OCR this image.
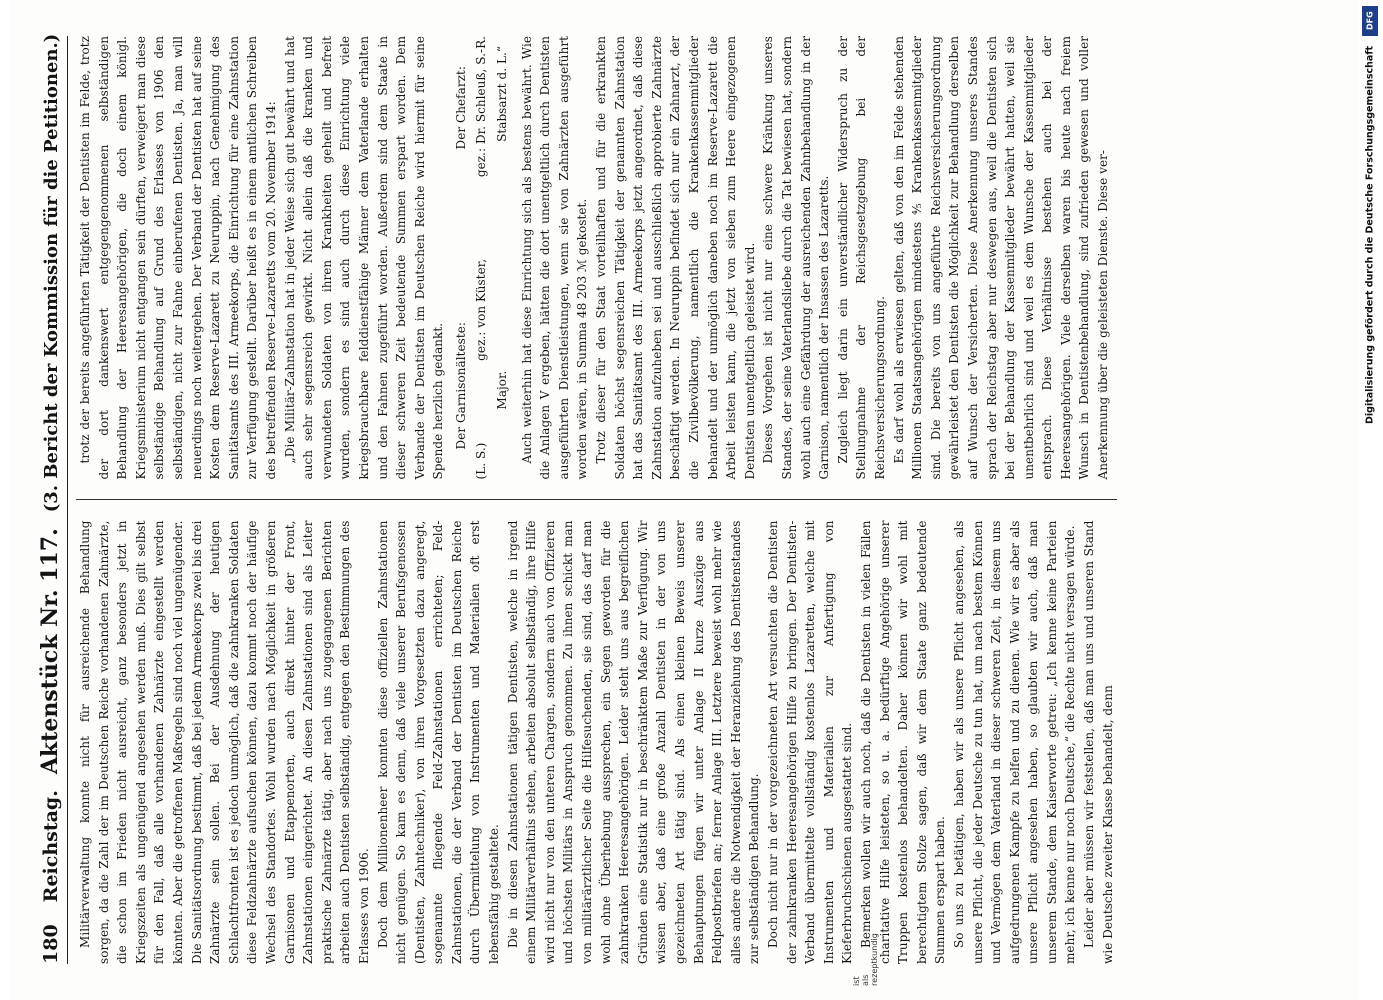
180
Reichstag.
Aktenstück Nr. 117.
(3. Bericht der Kommission für die Petitionen.)
ist als rezeptkundig

Militärverwaltung konnte nicht für ausreichende Behandlung sorgen, da die Zahl der im Deutschen Reiche vorhandenen Zahnärzte, die schon im Frieden nicht ausreicht, ganz besonders jetzt in Kriegszeiten als ungenügend angesehen werden muß. Dies gilt selbst für den Fall, daß alle vorhandenen Zahnärzte eingestellt werden könnten. Aber die getroffenen Maßregeln sind noch viel ungenügender. Die Sanitätsordnung bestimmt, daß bei jedem Armeekorps zwei bis drei Zahnärzte sein sollen. Bei der Ausdehnung der heutigen Schlachtfronten ist es jedoch unmöglich, daß die zahnkranken Soldaten diese Feldzahnärzte aufsuchen können, dazu kommt noch der häufige Wechsel des Standortes. Wohl wurden nach Möglichkeit in größeren Garnisonen und Etappenorten, auch direkt hinter der Front, Zahnstationen eingerichtet. An diesen Zahnstationen sind als Leiter praktische Zahnärzte tätig, aber nach uns zugegangenen Berichten arbeiten auch Dentisten selbständig, entgegen den Bestimmungen des Erlasses von 1906. Doch dem Millionenheer konnten diese offiziellen Zahnstationen nicht genügen. So kam es denn, daß viele unserer Berufsgenossen (Dentisten, Zahntechniker), von ihren Vorgesetzten dazu angeregt, sogenannte fliegende Feld-Zahnstationen errichteten; Feld-Zahnstationen, die der Verband der Dentisten im Deutschen Reiche durch Übermittelung von Instrumenten und Materialien oft erst lebensfähig gestaltete. Die in diesen Zahnstationen tätigen Dentisten, welche in irgend einem Militärverhältnis stehen, arbeiten absolut selbständig, ihre Hilfe wird nicht nur von den unteren Chargen, sondern auch von Offizieren und höchsten Militärs in Anspruch genommen. Zu ihnen schickt man von militärärztlicher Seite die Hilfesuchenden, sie sind, das darf man wohl ohne Überhebung aussprechen, ein Segen geworden für die zahnkranken Heeresangehörigen. Leider steht uns aus begreiflichen Gründen eine Statistik nur in beschränktem Maße zur Verfügung. Wir wissen aber, daß eine große Anzahl Dentisten in der von uns gezeichneten Art tätig sind. Als einen kleinen Beweis unserer Behauptungen fügen wir unter Anlage II kurze Auszüge aus Feldpostbriefen an; ferner Anlage III. Letztere beweist wohl mehr wie alles andere die Notwendigkeit der Heranziehung des Dentistenstandes zur selbständigen Behandlung. Doch nicht nur in der vorgezeichneten Art versuchten die Dentisten der zahnkranken Heeresangehörigen Hilfe zu bringen. Der Dentisten-Verband übermittelte vollständig kostenlos Lazaretten, welche mit Instrumenten und Materialien zur Anfertigung von Kieferbruchschienen ausgestattet sind. Bemerken wollen wir auch noch, daß die Dentisten in vielen Fällen charitative Hilfe leisteten, so u. a. bedürftige Angehörige unserer Truppen kostenlos behandelten. Daher können wir wohl mit berechtigtem Stolze sagen, daß wir dem Staate ganz bedeutende Summen erspart haben. So uns zu betätigen, haben wir als unsere Pflicht angesehen, als unsere Pflicht, die jeder Deutsche zu tun hat, um nach bestem Können und Vermögen dem Vaterland in dieser schweren Zeit, in diesem uns aufgedrungenen Kampfe zu helfen und zu dienen. Wie wir es aber als unsere Pflicht angesehen haben, so glaubten wir auch, daß man unserem Stande, dem Kaiserworte getreu: „Ich kenne keine Parteien mehr, ich kenne nur noch Deutsche,“ die Rechte nicht versagen würde. Leider aber müssen wir feststellen, daß man uns und unseren Stand wie Deutsche zweiter Klasse behandelt, denn

trotz der bereits angeführten Tätigkeit der Dentisten im Felde, trotz der dort dankenswert entgegengenommenen selbständigen Behandlung der Heeresangehörigen, die doch einem königl. Kriegsministerium nicht entgangen sein dürften, verweigert man diese selbständige Behandlung auf Grund des Erlasses von 1906 den selbständigen, nicht zur Fahne einberufenen Dentisten. Ja, man will neuerdings noch weitergehen. Der Verband der Dentisten hat auf seine Kosten dem Reserve-Lazarett zu Neuruppin, nach Genehmigung des Sanitätsamts des III. Armeekorps, die Einrichtung für eine Zahnstation zur Verfügung gestellt. Darüber heißt es in einem amtlichen Schreiben des betreffenden Reserve-Lazaretts vom 20. November 1914: „Die Militär-Zahnstation hat in jeder Weise sich gut bewährt und hat auch sehr segensreich gewirkt. Nicht allein daß die kranken und verwundeten Soldaten von ihren Krankheiten geheilt und befreit wurden, sondern es sind auch durch diese Einrichtung viele kriegsbrauchbare felddienstfähige Männer dem Vaterlande erhalten und den Fahnen zugeführt worden. Außerdem sind dem Staate in dieser schweren Zeit bedeutende Summen erspart worden. Dem Verbande der Dentisten im Deutschen Reiche wird hiermit für seine Spende herzlich gedankt. Der Garnisonälteste:
Der Chefarzt:
(L. S.)
gez.: von Küster,
gez.: Dr. Schleuß, S.-R.
Major.
Stabsarzt d. L.“ Auch weiterhin hat diese Einrichtung sich als bestens bewährt. Wie die Anlagen V ergeben, hätten die dort unentgeltlich durch Dentisten ausgeführten Dienstleistungen, wenn sie von Zahnärzten ausgeführt worden wären, in Summa 48 203 ℳ gekostet. Trotz dieser für den Staat vorteilhaften und für die erkrankten Soldaten höchst segensreichen Tätigkeit der genannten Zahnstation hat das Sanitätsamt des III. Armeekorps jetzt angeordnet, daß diese Zahnstation aufzuheben sei und ausschließlich approbierte Zahnärzte beschäftigt werden. In Neuruppin befindet sich nur ein Zahnarzt, der die Zivilbevölkerung, namentlich die Krankenkassenmitglieder behandelt und der unmöglich daneben noch im Reserve-Lazarett die Arbeit leisten kann, die jetzt von sieben zum Heere eingezogenen Dentisten unentgeltlich geleistet wird. Dieses Vorgehen ist nicht nur eine schwere Kränkung unseres Standes, der seine Vaterlandsliebe durch die Tat bewiesen hat, sondern wohl auch eine Gefährdung der ausreichenden Zahnbehandlung in der Garnison, namentlich der Insassen des Lazaretts. Zugleich liegt darin ein unverständlicher Widerspruch zu der Stellungnahme der Reichsgesetzgebung bei der Reichsversicherungsordnung. Es darf wohl als erwiesen gelten, daß von den im Felde stehenden Millionen Staatsangehörigen mindestens ⅘ Krankenkassenmitglieder sind. Die bereits von uns angeführte Reichsversicherungsordnung gewährleistet den Dentisten die Möglichkeit zur Behandlung derselben auf Wunsch der Versicherten. Diese Anerkennung unseres Standes sprach der Reichstag aber nur deswegen aus, weil die Dentisten sich bei der Behandlung der Kassenmitglieder bewährt hatten, weil sie unentbehrlich sind und weil es dem Wunsche der Kassenmitglieder entsprach. Diese Verhältnisse bestehen auch bei der Heeresangehörigen. Viele derselben waren bis heute nach freiem Wunsch in Dentistenbehandlung, sind zufrieden gewesen und voller Anerkennung über die geleisteten Dienste. Diese ver-

DFG
Digitalisierung gefördert durch die Deutsche Forschungsgemeinschaft
